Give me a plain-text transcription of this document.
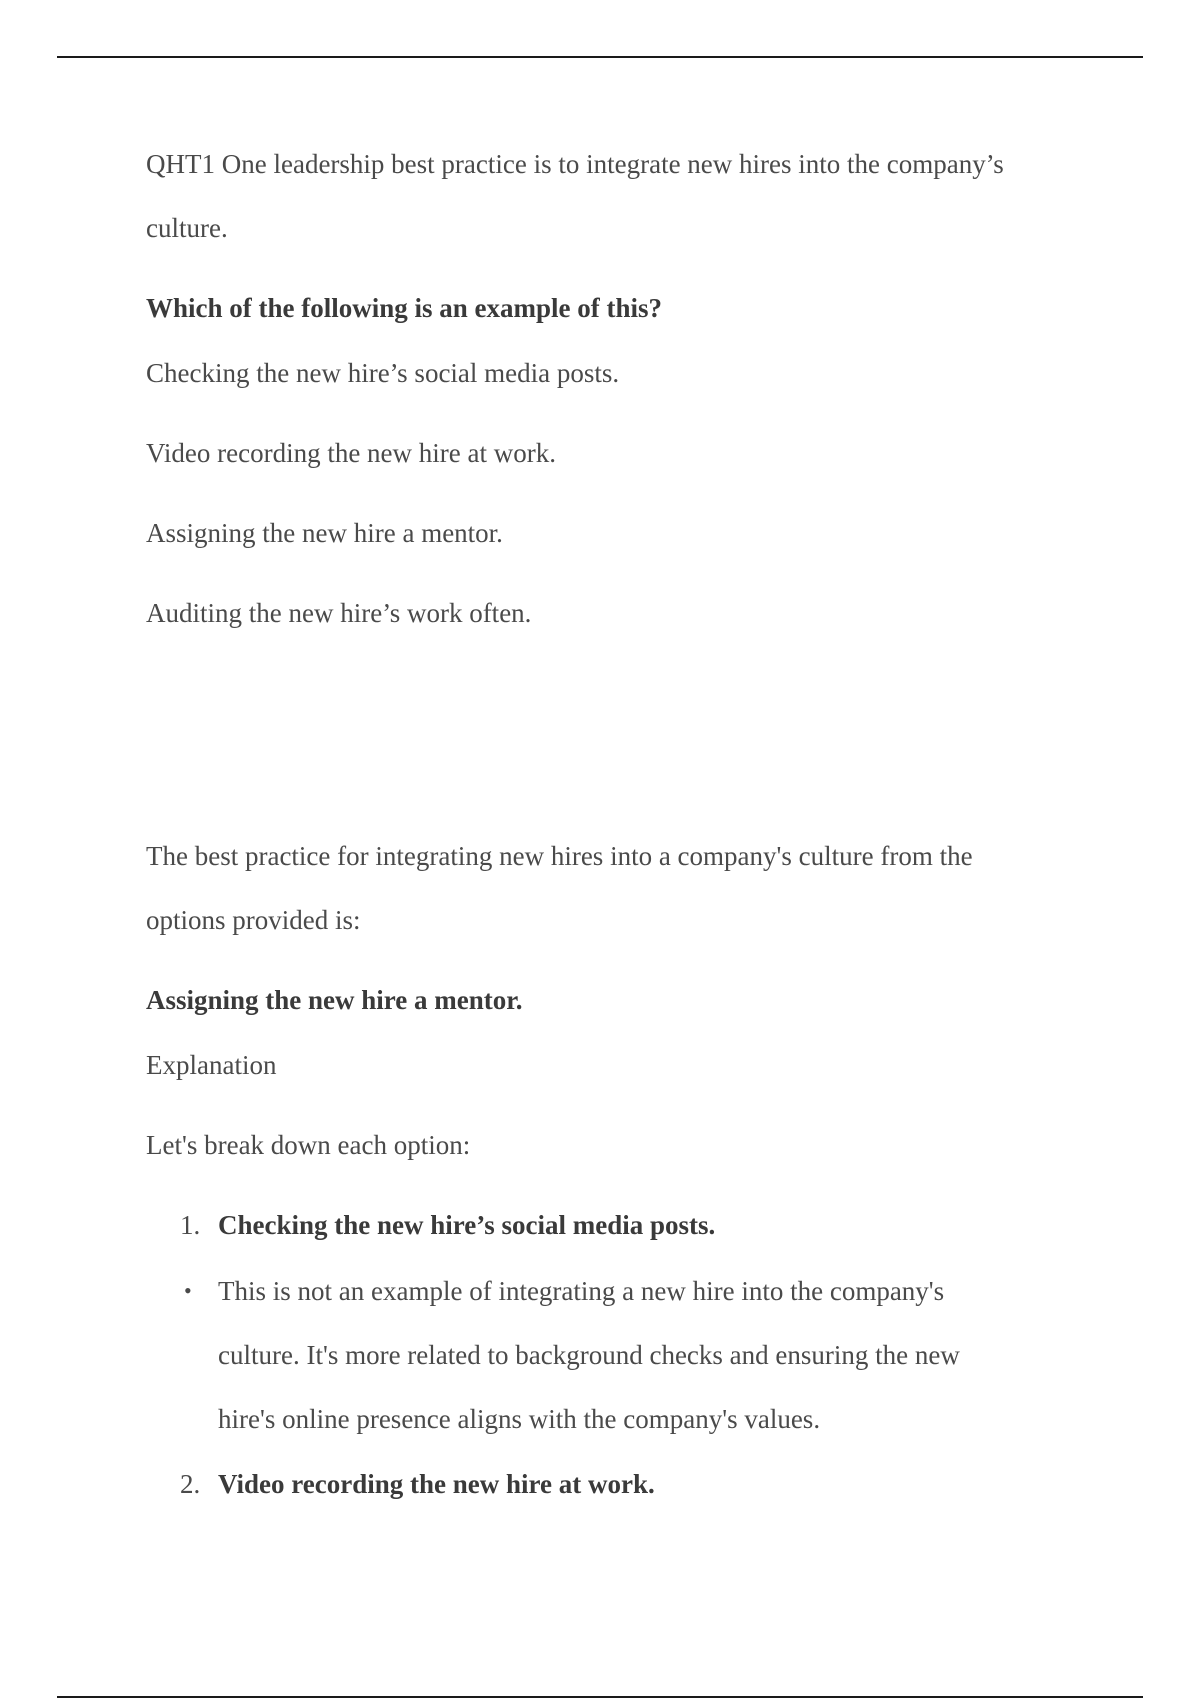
QHT1 One leadership best practice is to integrate new hires into the company’s

culture.

Which of the following is an example of this?

Checking the new hire’s social media posts.

Video recording the new hire at work.

Assigning the new hire a mentor.

Auditing the new hire’s work often.

The best practice for integrating new hires into a company's culture from the

options provided is:

Assigning the new hire a mentor.

Explanation

Let's break down each option:

1. Checking the new hire’s social media posts.
• This is not an example of integrating a new hire into the company's
culture. It's more related to background checks and ensuring the new
hire's online presence aligns with the company's values.
2. Video recording the new hire at work.
